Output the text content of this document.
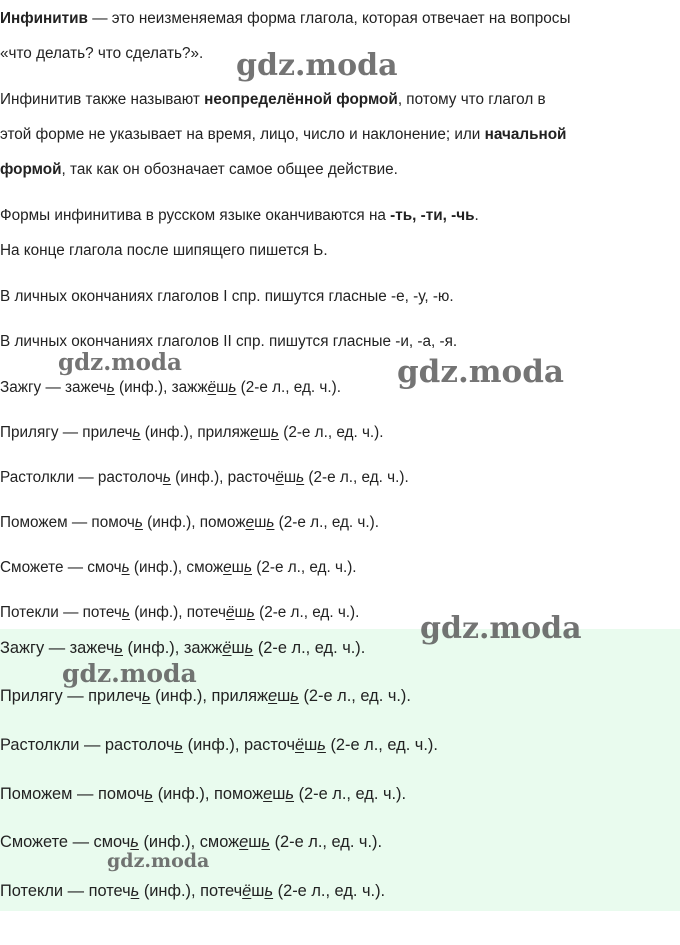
Инфинитив — это неизменяемая форма глагола, которая отвечает на вопросы
«что делать? что сделать?».
Инфинитив также называют неопределённой формой, потому что глагол в
этой форме не указывает на время, лицо, число и наклонение; или начальной
формой, так как он обозначает самое общее действие.
Формы инфинитива в русском языке оканчиваются на -ть, -ти, -чь.
На конце глагола после шипящего пишется Ь.
В личных окончаниях глаголов I спр. пишутся гласные -е, -у, -ю.
В личных окончаниях глаголов II спр. пишутся гласные -и, -а, -я.
Зажгу — зажечь (инф.), зажжёшь (2-е л., ед. ч.).
Прилягу — прилечь (инф.), приляжешь (2-е л., ед. ч.).
Растолкли — растолочь (инф.), расточёшь (2-е л., ед. ч.).
Поможем — помочь (инф.), поможешь (2-е л., ед. ч.).
Сможете — смочь (инф.), сможешь (2-е л., ед. ч.).
Потекли — потечь (инф.), потечёшь (2-е л., ед. ч.).
Зажгу — зажечь (инф.), зажжёшь (2-е л., ед. ч.).
Прилягу — прилечь (инф.), приляжешь (2-е л., ед. ч.).
Растолкли — растолочь (инф.), расточёшь (2-е л., ед. ч.).
Поможем — помочь (инф.), поможешь (2-е л., ед. ч.).
Сможете — смочь (инф.), сможешь (2-е л., ед. ч.).
Потекли — потечь (инф.), потечёшь (2-е л., ед. ч.).
gdz.moda
gdz.moda	gdz.moda
gdz.moda
gdz.moda
gdz.moda
